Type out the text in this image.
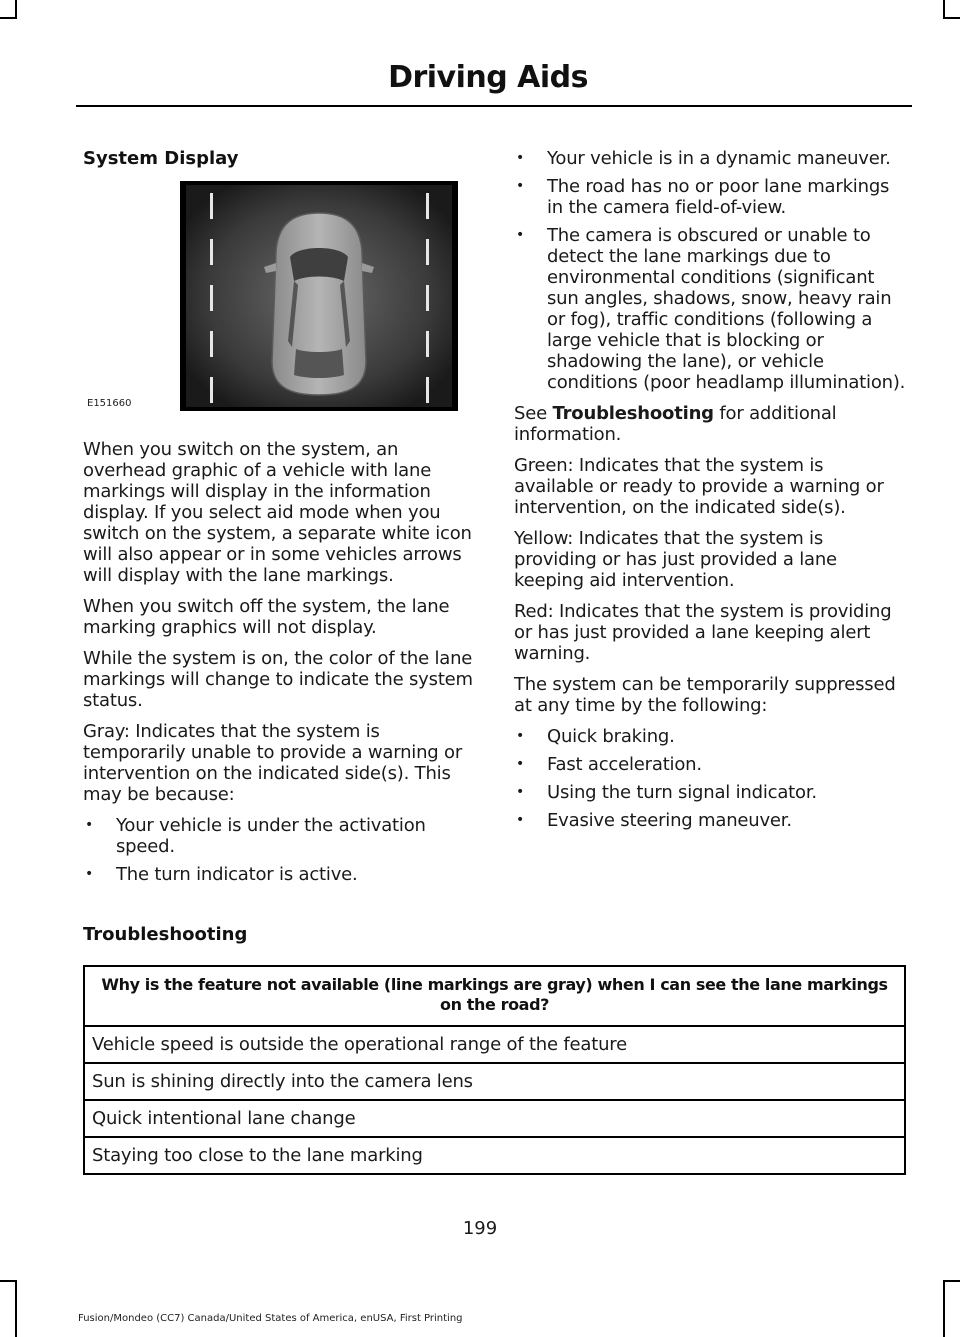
Driving Aids
System Display
E151660

When you switch on the system, an overhead graphic of a vehicle with lane markings will display in the information display. If you select aid mode when you switch on the system, a separate white icon will also appear or in some vehicles arrows will display with the lane markings.

When you switch off the system, the lane marking graphics will not display.

While the system is on, the color of the lane markings will change to indicate the system status.

Gray: Indicates that the system is temporarily unable to provide a warning or intervention on the indicated side(s). This may be because:

• Your vehicle is under the activation speed.
• The turn indicator is active.
• Your vehicle is in a dynamic maneuver.
• The road has no or poor lane markings in the camera field-of-view.
• The camera is obscured or unable to detect the lane markings due to environmental conditions (significant sun angles, shadows, snow, heavy rain or fog), traffic conditions (following a large vehicle that is blocking or shadowing the lane), or vehicle conditions (poor headlamp illumination).

See Troubleshooting for additional information.

Green: Indicates that the system is available or ready to provide a warning or intervention, on the indicated side(s).

Yellow: Indicates that the system is providing or has just provided a lane keeping aid intervention.

Red: Indicates that the system is providing or has just provided a lane keeping alert warning.

The system can be temporarily suppressed at any time by the following:

• Quick braking.
• Fast acceleration.
• Using the turn signal indicator.
• Evasive steering maneuver.
Troubleshooting
Why is the feature not available (line markings are gray) when I can see the lane markings on the road?
Vehicle speed is outside the operational range of the feature
Sun is shining directly into the camera lens
Quick intentional lane change
Staying too close to the lane marking
199
Fusion/Mondeo (CC7) Canada/United States of America, enUSA, First Printing
